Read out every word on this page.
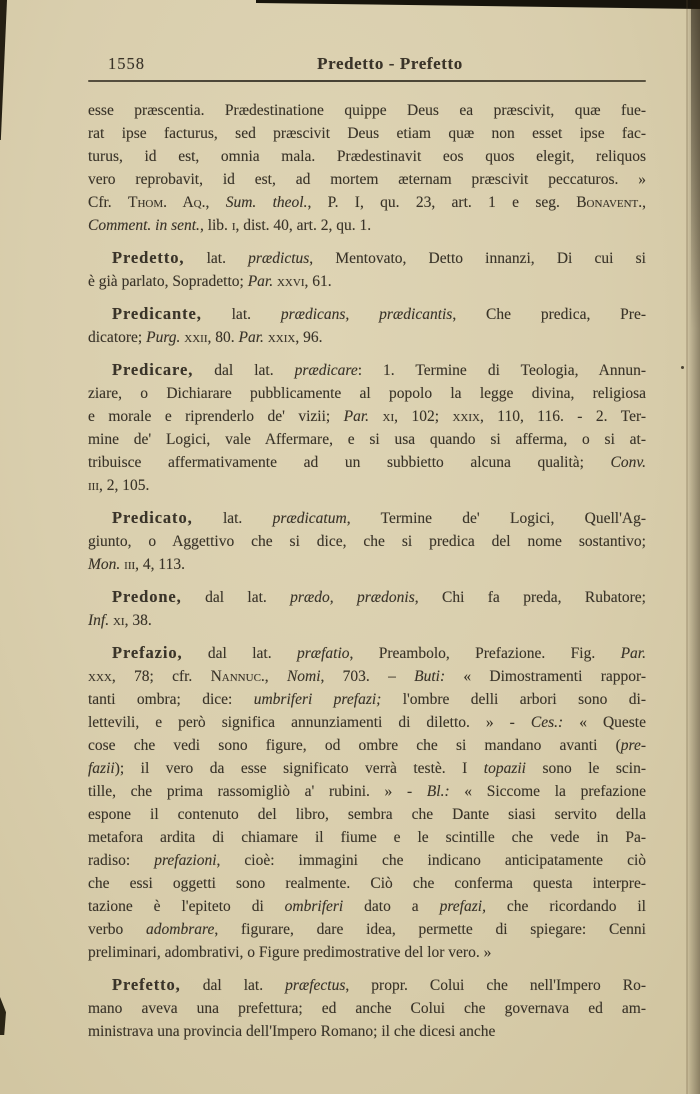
1558	Predetto - Prefetto
esse præscentia. Prædestinatione quippe Deus ea præscivit, quæ fue-
rat ipse facturus, sed præscivit Deus etiam quæ non esset ipse fac-
turus, id est, omnia mala. Prædestinavit eos quos elegit, reliquos
vero reprobavit, id est, ad mortem æternam præscivit peccaturos. »
Cfr. Thom. Aq., Sum. theol., P. I, qu. 23, art. 1 e seg. Bonavent.,
Comment. in sent., lib. i, dist. 40, art. 2, qu. 1.
Predetto, lat. prædictus, Mentovato, Detto innanzi, Di cui si
è già parlato, Sopradetto; Par. xxvi, 61.
Predicante, lat. prædicans, prædicantis, Che predica, Pre-
dicatore; Purg. xxii, 80. Par. xxix, 96.
Predicare, dal lat. prædicare: 1. Termine di Teologia, Annun-
ziare, o Dichiarare pubblicamente al popolo la legge divina, religiosa
e morale e riprenderlo de' vizii; Par. xi, 102; xxix, 110, 116. - 2. Ter-
mine de' Logici, vale Affermare, e si usa quando si afferma, o si at-
tribuisce affermativamente ad un subbietto alcuna qualità; Conv.
iii, 2, 105.
Predicato, lat. prædicatum, Termine de' Logici, Quell'Ag-
giunto, o Aggettivo che si dice, che si predica del nome sostantivo;
Mon. iii, 4, 113.
Predone, dal lat. prædo, prædonis, Chi fa preda, Rubatore;
Inf. xi, 38.
Prefazio, dal lat. præfatio, Preambolo, Prefazione. Fig. Par.
xxx, 78; cfr. Nannuc., Nomi, 703. – Buti: « Dimostramenti rappor-
tanti ombra; dice: umbriferi prefazi; l'ombre delli arbori sono di-
lettevili, e però significa annunziamenti di diletto. » - Ces.: « Queste
cose che vedi sono figure, od ombre che si mandano avanti (pre-
fazii); il vero da esse significato verrà testè. I topazii sono le scin-
tille, che prima rassomigliò a' rubini. » - Bl.: « Siccome la prefazione
espone il contenuto del libro, sembra che Dante siasi servito della
metafora ardita di chiamare il fiume e le scintille che vede in Pa-
radiso: prefazioni, cioè: immagini che indicano anticipatamente ciò
che essi oggetti sono realmente. Ciò che conferma questa interpre-
tazione è l'epiteto di ombriferi dato a prefazi, che ricordando il
verbo adombrare, figurare, dare idea, permette di spiegare: Cenni
preliminari, adombrativi, o Figure predimostrative del lor vero. »
Prefetto, dal lat. præfectus, propr. Colui che nell'Impero Ro-
mano aveva una prefettura; ed anche Colui che governava ed am-
ministrava una provincia dell'Impero Romano; il che dicesi anche
